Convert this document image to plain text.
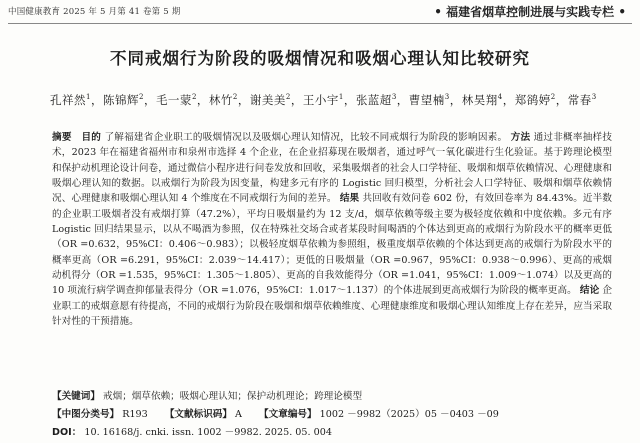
中国健康教育 2025 年 5 月第 41 卷第 5 期	• 福建省烟草控制进展与实践专栏 •
不同戒烟行为阶段的吸烟情况和吸烟心理认知比较研究
孔祥然$^1$，陈锦辉$^2$，毛一蒙$^2$，林竹$^2$，谢美美$^2$，王小宇$^1$，张蓝超$^3$，曹望楠$^3$，林昊翔$^4$，郑鹆婷$^2$，常春$^3$
摘要　目的 了解福建省企业职工的吸烟情况以及吸烟心理认知情况，比较不同戒烟行为阶段的影响因素。 方法 通过非概率抽样技术，2023 年在福建省福州市和泉州市选择 4 个企业，在企业招募现在吸烟者，通过呼气一氧化碳进行生化验证。基于跨理论模型和保护动机理论设计问卷，通过微信小程序进行问卷发放和回收，采集吸烟者的社会人口学特征、吸烟和烟草依赖情况、心理健康和吸烟心理认知的数据。以戒烟行为阶段为因变量，构建多元有序的 Logistic 回归模型，分析社会人口学特征、吸烟和烟草依赖情况、心理健康和吸烟心理认知 4 个维度在不同戒烟行为间的差异。 结果 共回收有效问卷 602 份，有效回卷率为 84.43%。近半数的企业职工吸烟者没有戒烟打算（47.2%），平均日吸烟量约为 12 支/d，烟草依赖等级主要为极轻度依赖和中度依赖。多元有序 Logistic 回归结果显示，以从不喝酒为参照，仅在特殊社交场合或者某段时间喝酒的个体达到更高的戒烟行为阶段水平的概率更低（OR =0.632，95%CI：0.406～0.983）；以极轻度烟草依赖为参照组，极重度烟草依赖的个体达到更高的戒烟行为阶段水平的概率更高（OR =6.291，95%CI：2.039～14.417）；更低的日吸烟量（OR =0.967，95%CI：0.938～0.996）、更高的戒烟动机得分（OR =1.535，95%CI：1.305～1.805）、更高的自我效能得分（OR =1.041，95%CI：1.009～1.074）以及更高的 10 项流行病学调查抑郁量表得分（OR =1.076，95%CI：1.017～1.137）的个体进展到更高戒烟行为阶段的概率更高。 结论 企业职工的戒烟意愿有待提高，不同的戒烟行为阶段在吸烟和烟草依赖维度、心理健康维度和吸烟心理认知维度上存在差异，应当采取针对性的干预措施。
【关键词】 戒烟；烟草依赖；吸烟心理认知；保护动机理论；跨理论模型
【中图分类号】 R193 【文献标识码】 A 【文章编号】 1002 －9982（2025）05 －0403 －09
DOI： 10. 16168/j. cnki. issn. 1002 －9982. 2025. 05. 004
